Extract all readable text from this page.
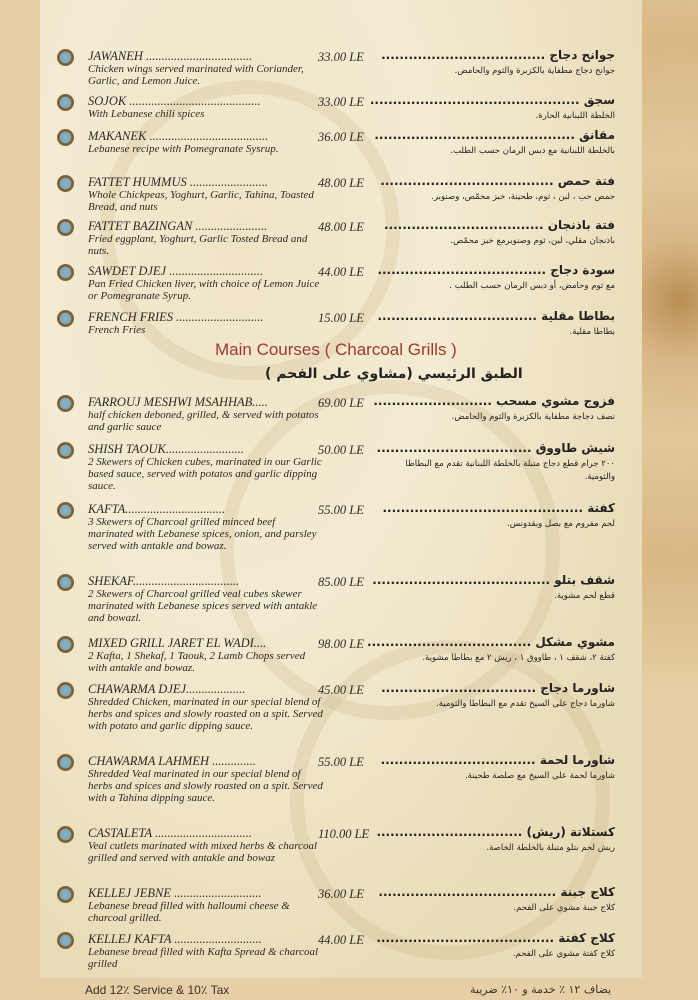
JAWANEH ..................................
Chicken wings served marinated with Coriander, Garlic, and Lemon Juice.
33.00 LE	جوانح دجاج ....................................
جوانح دجاج مطفاية بالكزبرة والثوم والحامض.
SOJOK ..........................................
With Lebanese chili spices
33.00 LE سجق ..............................................
الخلطة اللبنانية الحارة.
MAKANEK ......................................
Lebanese recipe with Pomegranate Sysrup.
36.00 LE مقانق ............................................
بالخلطة اللبنانية مع دبس الرمان حسب الطلب.
FATTET HUMMUS .........................
Whole Chickpeas, Yoghurt, Garlic, Tahina, Toasted Bread, and nuts
48.00 LE	فتة حمص ......................................
حمص حب ، لبن ، ثوم، طحينة، خبز محمّص، وصنوبر.
FATTET BAZINGAN .......................
Fried eggplant, Yoghurt, Garlic Tosted Bread and nuts.
48.00 LE	فتة باذنجان ...................................
باذنجان مقلي، لبن، ثوم وصنوبرمع خبز محمّص.
SAWDET DJEJ ..............................
Pan Fried Chicken liver, with choice of Lemon Juice or Pomegranate Syrup.
44.00 LE سودة دجاج .....................................
مع ثوم وحامض، أو دبس الرمان حسب الطلب .
FRENCH FRIES ............................
French Fries
15.00 LE بطاطا مقلية ...................................
بطاطا مقلية.
FARROUJ MESHWI MSAHHAB.....
half chicken deboned, grilled, & served with potatos and garlic sauce
69.00 LE فزوج مشوي مسحب ..........................
نصف دجاجة مطفاية بالكزبرة والثوم والحامض.
SHISH TAOUK.........................
2 Skewers of Chicken cubes, marinated in our Garlic based sauce, served with potatos and garlic dipping sauce.
50.00 LE شيش طاووق ..................................
٢٠٠ جرام قطع دجاج متبلة بالخلطة اللبنانية تقدم مع البطاطا والثومية.
KAFTA................................
3 Skewers of Charcoal grilled minced beef marinated with Lebanese spices, onion, and parsley served with antakle and bowaz.
55.00 LE	كفتة ............................................
لحم مفروم مع بصل وبقدونس.
SHEKAF..................................
2 Skewers of Charcoal grilled veal cubes skewer marinated with Lebanese spices served with antakle and bowazl.
85.00 LE شقف بتلو .......................................
قطع لحم مشوية.
MIXED GRILL JARET EL WADI....
2 Kafta, 1 Shekaf, 1 Taouk, 2 Lamb Chops served with antakle and bowaz.
98.00 LE مشوي مشكل ....................................
كفتة ٢، شقف ١ ، طاووق ١ ، ريش ٢ مع بطاطا مشوية.
CHAWARMA DJEJ...................
Shredded Chicken, marinated in our special blend of herbs and spices and slowly roasted on a spit. Served with potato and garlic dipping sauce.
45.00 LE	شاورما دجاج ..................................
شاورما دجاج على السيخ تقدم مع البطاطا والثومية.
CHAWARMA LAHMEH ..............
Shredded Veal marinated in our special blend of herbs and spices and slowly roasted on a spit. Served with a Tahina dipping sauce.
55.00 LE	شاورما لحمة ..................................
شاورما لحمة على السيخ مع صلصة طحينة.
CASTALETA ...............................
Veal cutlets marinated with mixed herbs & charcoal grilled and served with antakle and bowaz
110.00 LE كستلاتة (ريش) ................................
ريش لحم بتلو متبلة بالخلطة الخاصة.
KELLEJ JEBNE ............................
Lebanese bread filled with halloumi cheese & charcoal grilled.
36.00 LE كلاج جبنة .......................................
كلاج جبنة مشوي على الفحم.
KELLEJ KAFTA ............................
Lebanese bread filled with Kafta Spread & charcoal grilled
44.00 LE كلاج كفتة .......................................
كلاج كفتة مشوي على الفحم.
Main Courses ( Charcoal Grills )
الطبق الرئيسي (مشاوي على الفحم )
Add 12٪ Service & 10٪ Tax	يضاف ١٢ ٪ خدمة و ١٠٪ ضريبة
